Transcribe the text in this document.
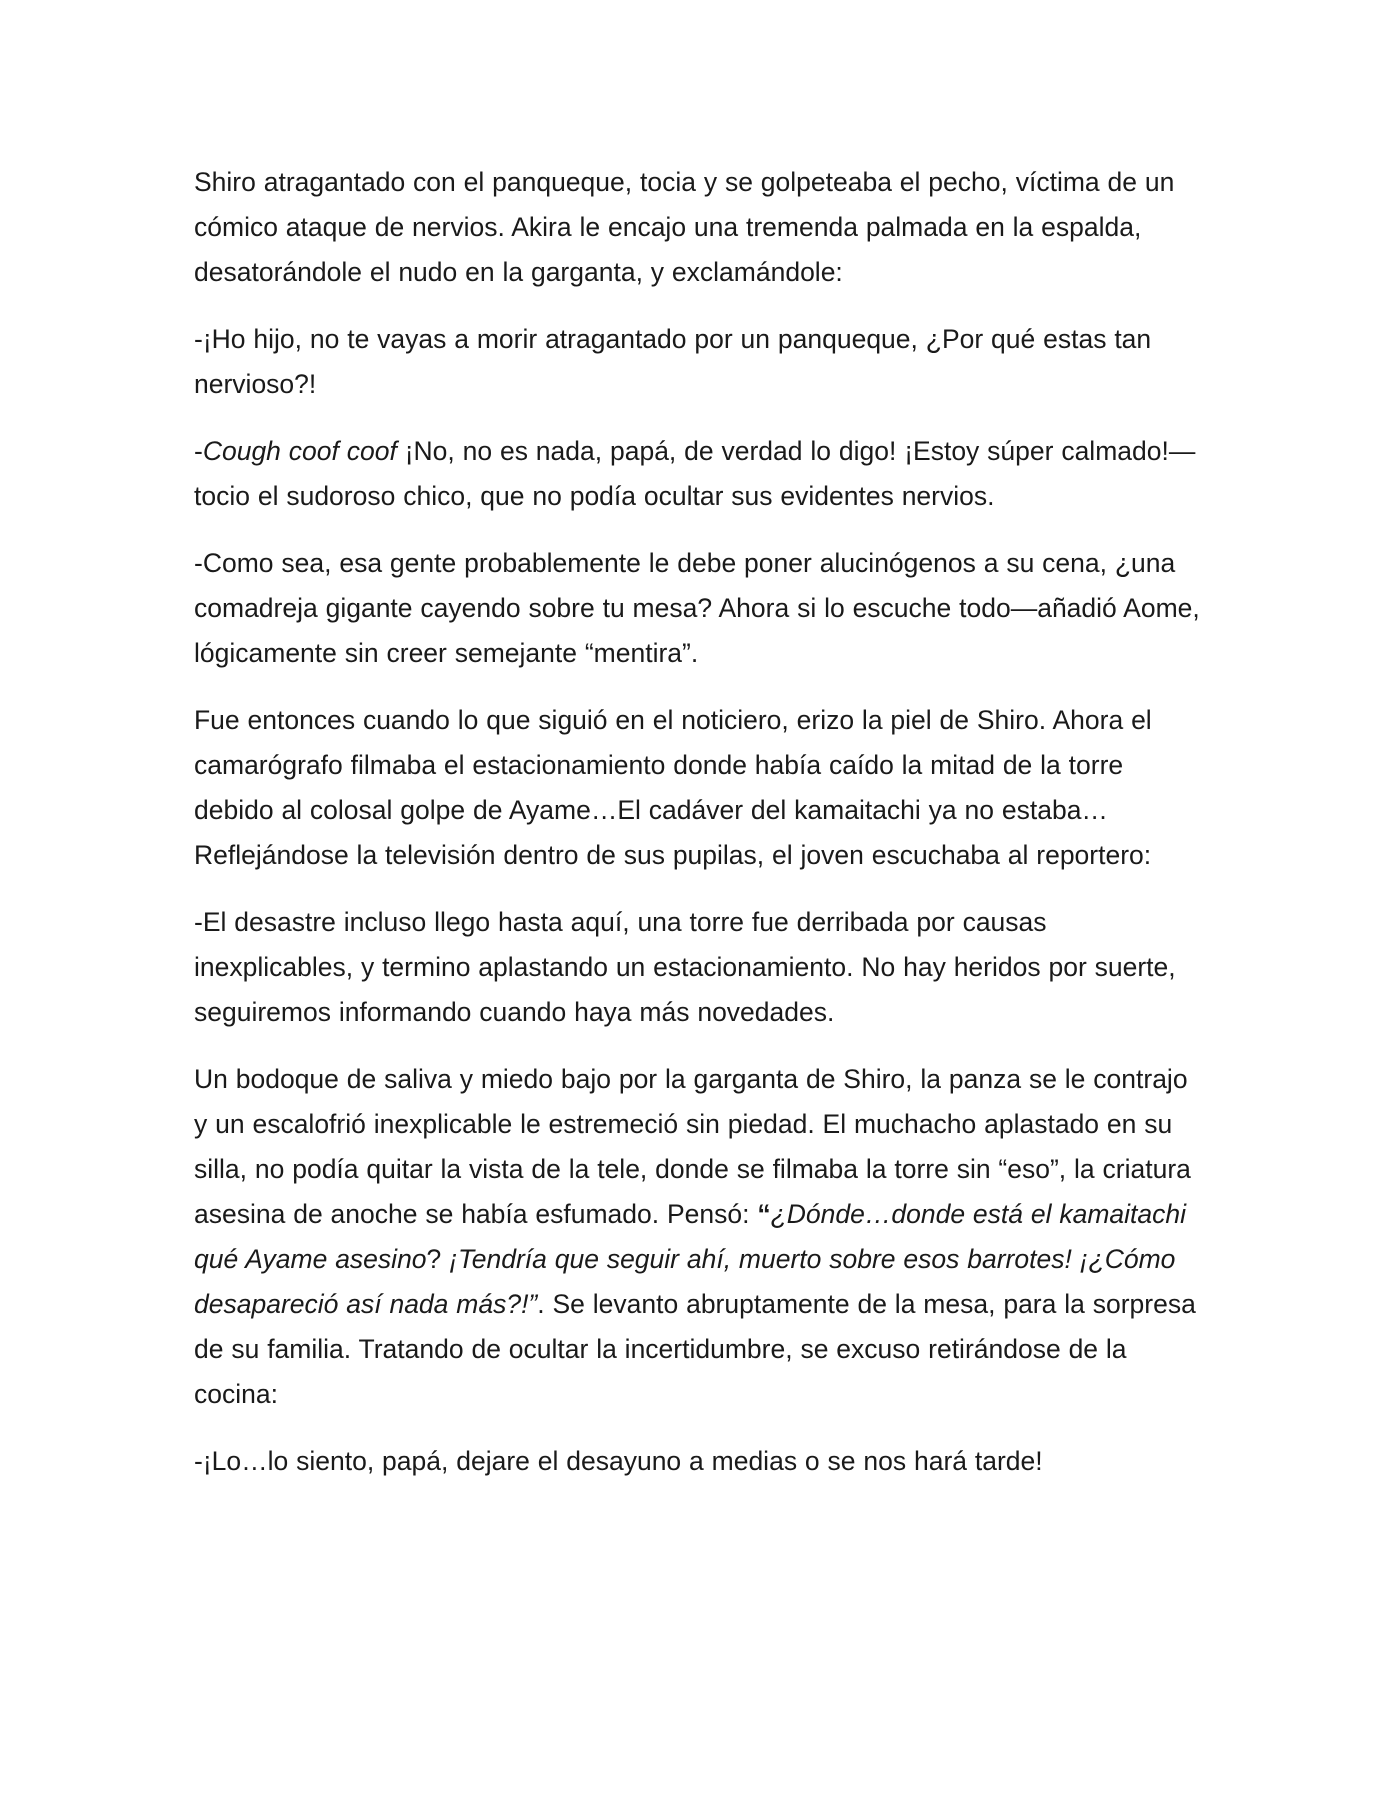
Shiro atragantado con el panqueque, tocia y se golpeteaba el pecho, víctima de un cómico ataque de nervios. Akira le encajo una tremenda palmada en la espalda, desatorándole el nudo en la garganta, y exclamándole:

-¡Ho hijo, no te vayas a morir atragantado por un panqueque, ¿Por qué estas tan nervioso?!

-Cough coof coof ¡No, no es nada, papá, de verdad lo digo! ¡Estoy súper calmado!—tocio el sudoroso chico, que no podía ocultar sus evidentes nervios.

-Como sea, esa gente probablemente le debe poner alucinógenos a su cena, ¿una comadreja gigante cayendo sobre tu mesa? Ahora si lo escuche todo—añadió Aome, lógicamente sin creer semejante “mentira”.

Fue entonces cuando lo que siguió en el noticiero, erizo la piel de Shiro. Ahora el camarógrafo filmaba el estacionamiento donde había caído la mitad de la torre debido al colosal golpe de Ayame…El cadáver del kamaitachi ya no estaba…Reflejándose la televisión dentro de sus pupilas, el joven escuchaba al reportero:

-El desastre incluso llego hasta aquí, una torre fue derribada por causas inexplicables, y termino aplastando un estacionamiento. No hay heridos por suerte, seguiremos informando cuando haya más novedades.

Un bodoque de saliva y miedo bajo por la garganta de Shiro, la panza se le contrajo y un escalofrió inexplicable le estremeció sin piedad. El muchacho aplastado en su silla, no podía quitar la vista de la tele, donde se filmaba la torre sin “eso”, la criatura asesina de anoche se había esfumado. Pensó: “¿Dónde…donde está el kamaitachi qué Ayame asesino? ¡Tendría que seguir ahí, muerto sobre esos barrotes! ¡¿Cómo desapareció así nada más?!”. Se levanto abruptamente de la mesa, para la sorpresa de su familia. Tratando de ocultar la incertidumbre, se excuso retirándose de la cocina:

-¡Lo…lo siento, papá, dejare el desayuno a medias o se nos hará tarde!
